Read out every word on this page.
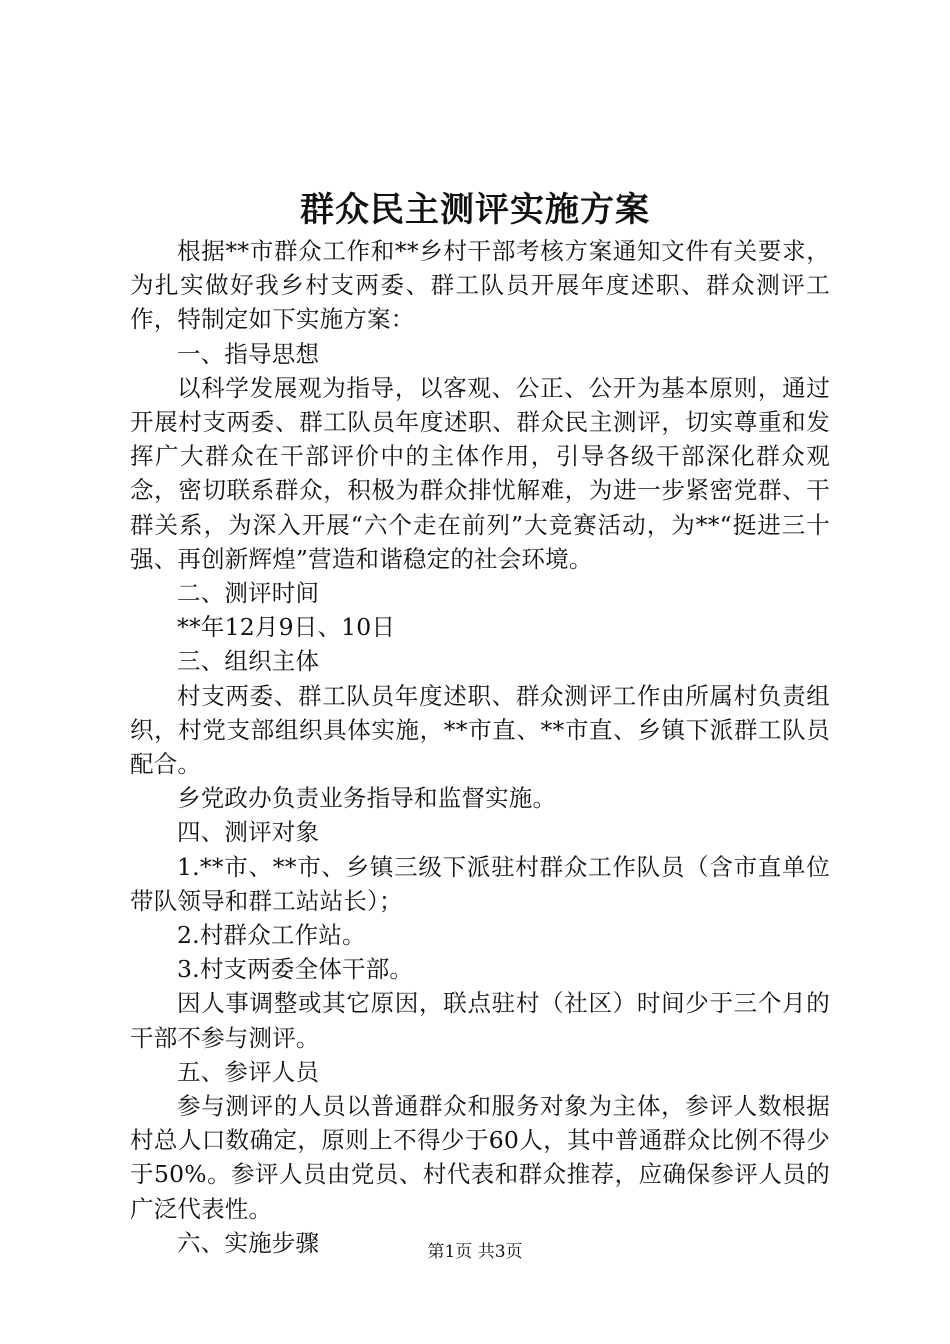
群众民主测评实施方案

根据**市群众工作和**乡村干部考核方案通知文件有关要求，为扎实做好我乡村支两委、群工队员开展年度述职、群众测评工作，特制定如下实施方案：

一、指导思想

以科学发展观为指导，以客观、公正、公开为基本原则，通过开展村支两委、群工队员年度述职、群众民主测评，切实尊重和发挥广大群众在干部评价中的主体作用，引导各级干部深化群众观念，密切联系群众，积极为群众排忧解难，为进一步紧密党群、干群关系，为深入开展“六个走在前列”大竞赛活动，为**“挺进三十强、再创新辉煌”营造和谐稳定的社会环境。

二、测评时间

**年12月9日、10日

三、组织主体

村支两委、群工队员年度述职、群众测评工作由所属村负责组织，村党支部组织具体实施，**市直、**市直、乡镇下派群工队员配合。

乡党政办负责业务指导和监督实施。

四、测评对象

1.**市、**市、乡镇三级下派驻村群众工作队员（含市直单位带队领导和群工站站长）；

2.村群众工作站。

3.村支两委全体干部。

因人事调整或其它原因，联点驻村（社区）时间少于三个月的干部不参与测评。

五、参评人员

参与测评的人员以普通群众和服务对象为主体，参评人数根据村总人口数确定，原则上不得少于60人，其中普通群众比例不得少于50%。参评人员由党员、村代表和群众推荐，应确保参评人员的广泛代表性。

六、实施步骤	第1页 共3页
